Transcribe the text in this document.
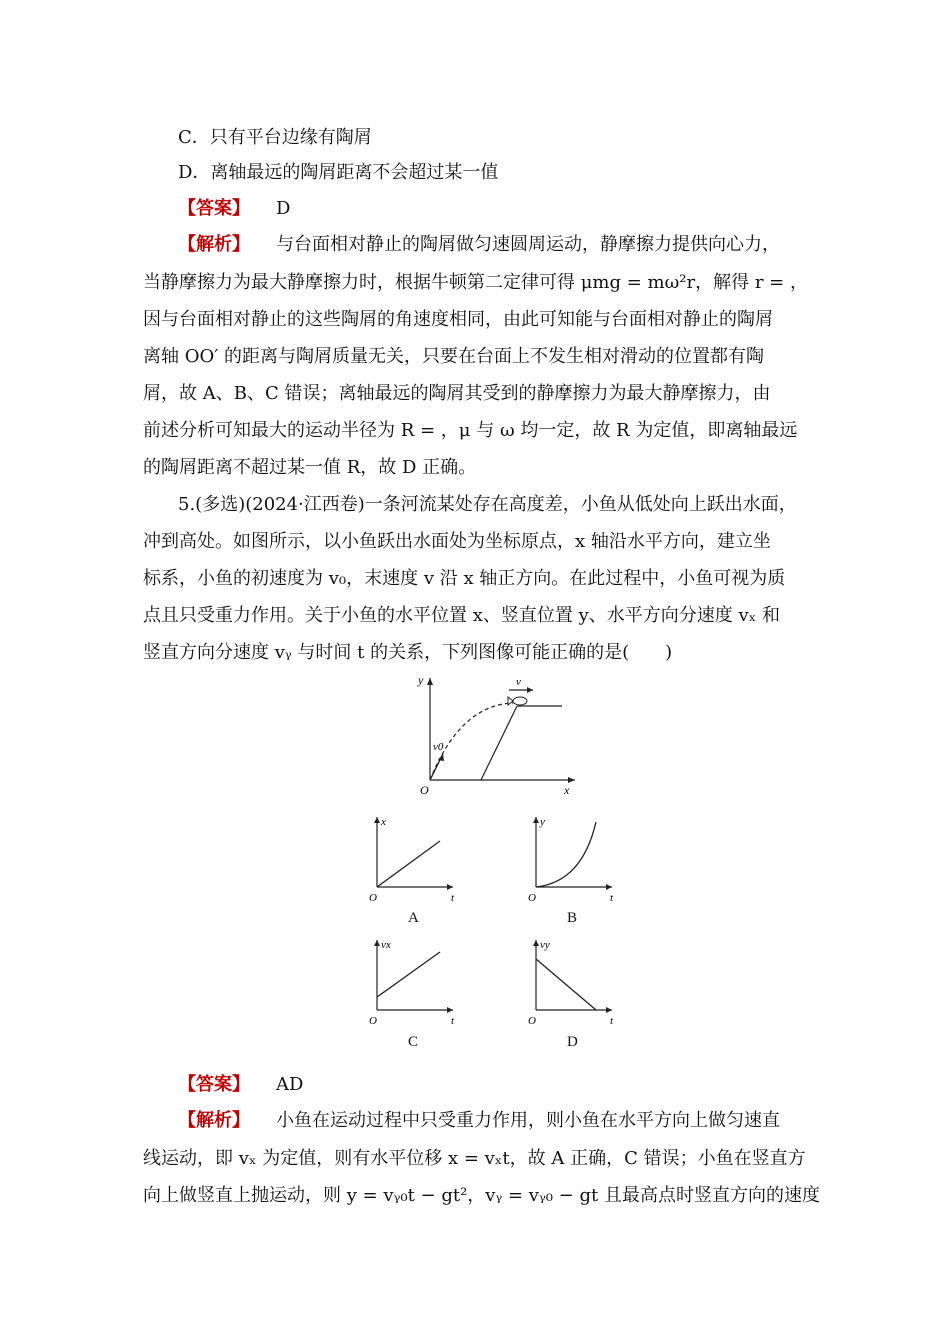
C．只有平台边缘有陶屑
D．离轴最远的陶屑距离不会超过某一值
【答案】 D
【解析】 与台面相对静止的陶屑做匀速圆周运动，静摩擦力提供向心力，
当静摩擦力为最大静摩擦力时，根据牛顿第二定律可得 μmg = mω²r，解得 r = ，
因与台面相对静止的这些陶屑的角速度相同，由此可知能与台面相对静止的陶屑
离轴 OO′ 的距离与陶屑质量无关，只要在台面上不发生相对滑动的位置都有陶
屑，故 A、B、C 错误；离轴最远的陶屑其受到的静摩擦力为最大静摩擦力，由
前述分析可知最大的运动半径为 R = ，μ 与 ω 均一定，故 R 为定值，即离轴最远
的陶屑距离不超过某一值 R，故 D 正确。
5.(多选)(2024·江西卷)一条河流某处存在高度差，小鱼从低处向上跃出水面，
冲到高处。如图所示，以小鱼跃出水面处为坐标原点，x 轴沿水平方向，建立坐
标系，小鱼的初速度为 v₀，末速度 v 沿 x 轴正方向。在此过程中，小鱼可视为质
点且只受重力作用。关于小鱼的水平位置 x、竖直位置 y、水平方向分速度 vₓ 和
竖直方向分速度 vᵧ 与时间 t 的关系，下列图像可能正确的是(　　)
y
x
O
v
v0
x
t
O
A
y
t
O
B
vx
t
O
C
vy
t
O
D
【答案】 AD
【解析】 小鱼在运动过程中只受重力作用，则小鱼在水平方向上做匀速直
线运动，即 vₓ 为定值，则有水平位移 x = vₓt，故 A 正确，C 错误；小鱼在竖直方
向上做竖直上抛运动，则 y = vᵧ₀t − gt²，vᵧ = vᵧ₀ − gt 且最高点时竖直方向的速度
